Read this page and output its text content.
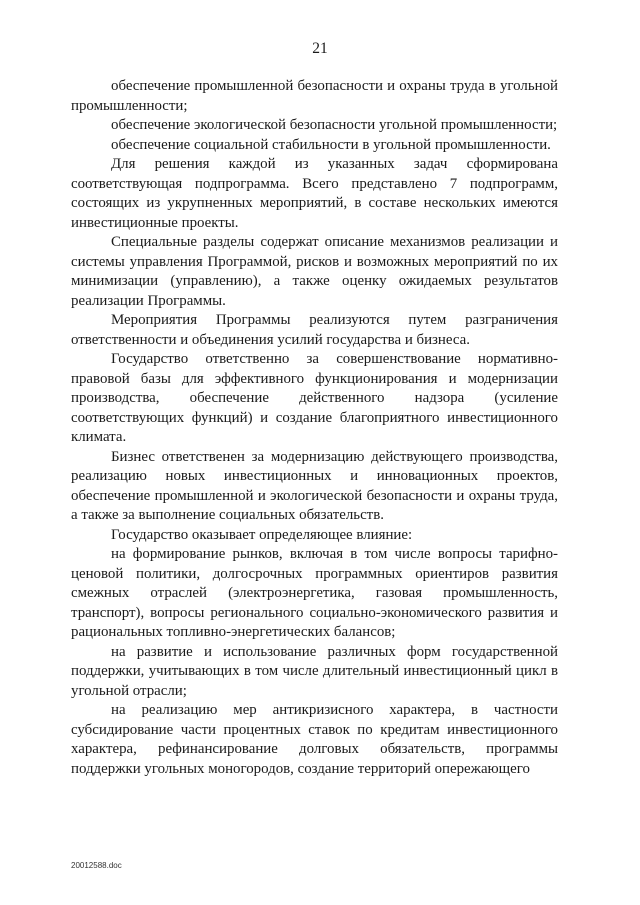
21

обеспечение промышленной безопасности и охраны труда в угольной промышленности;

обеспечение экологической безопасности угольной промышленности;

обеспечение социальной стабильности в угольной промышленности.

Для решения каждой из указанных задач сформирована соответствующая подпрограмма. Всего представлено 7 подпрограмм, состоящих из укрупненных мероприятий, в составе нескольких имеются инвестиционные проекты.

Специальные разделы содержат описание механизмов реализации и системы управления Программой, рисков и возможных мероприятий по их минимизации (управлению), а также оценку ожидаемых результатов реализации Программы.

Мероприятия Программы реализуются путем разграничения ответственности и объединения усилий государства и бизнеса.

Государство ответственно за совершенствование нормативно-правовой базы для эффективного функционирования и модернизации производства, обеспечение действенного надзора (усиление соответствующих функций) и создание благоприятного инвестиционного климата.

Бизнес ответственен за модернизацию действующего производства, реализацию новых инвестиционных и инновационных проектов, обеспечение промышленной и экологической безопасности и охраны труда, а также за выполнение социальных обязательств.

Государство оказывает определяющее влияние:

на формирование рынков, включая в том числе вопросы тарифно-ценовой политики, долгосрочных программных ориентиров развития смежных отраслей (электроэнергетика, газовая промышленность, транспорт), вопросы регионального социально-экономического развития и рациональных топливно-энергетических балансов;

на развитие и использование различных форм государственной поддержки, учитывающих в том числе длительный инвестиционный цикл в угольной отрасли;

на реализацию мер антикризисного характера, в частности субсидирование части процентных ставок по кредитам инвестиционного характера, рефинансирование долговых обязательств, программы поддержки угольных моногородов, создание территорий опережающего

20012588.doc
